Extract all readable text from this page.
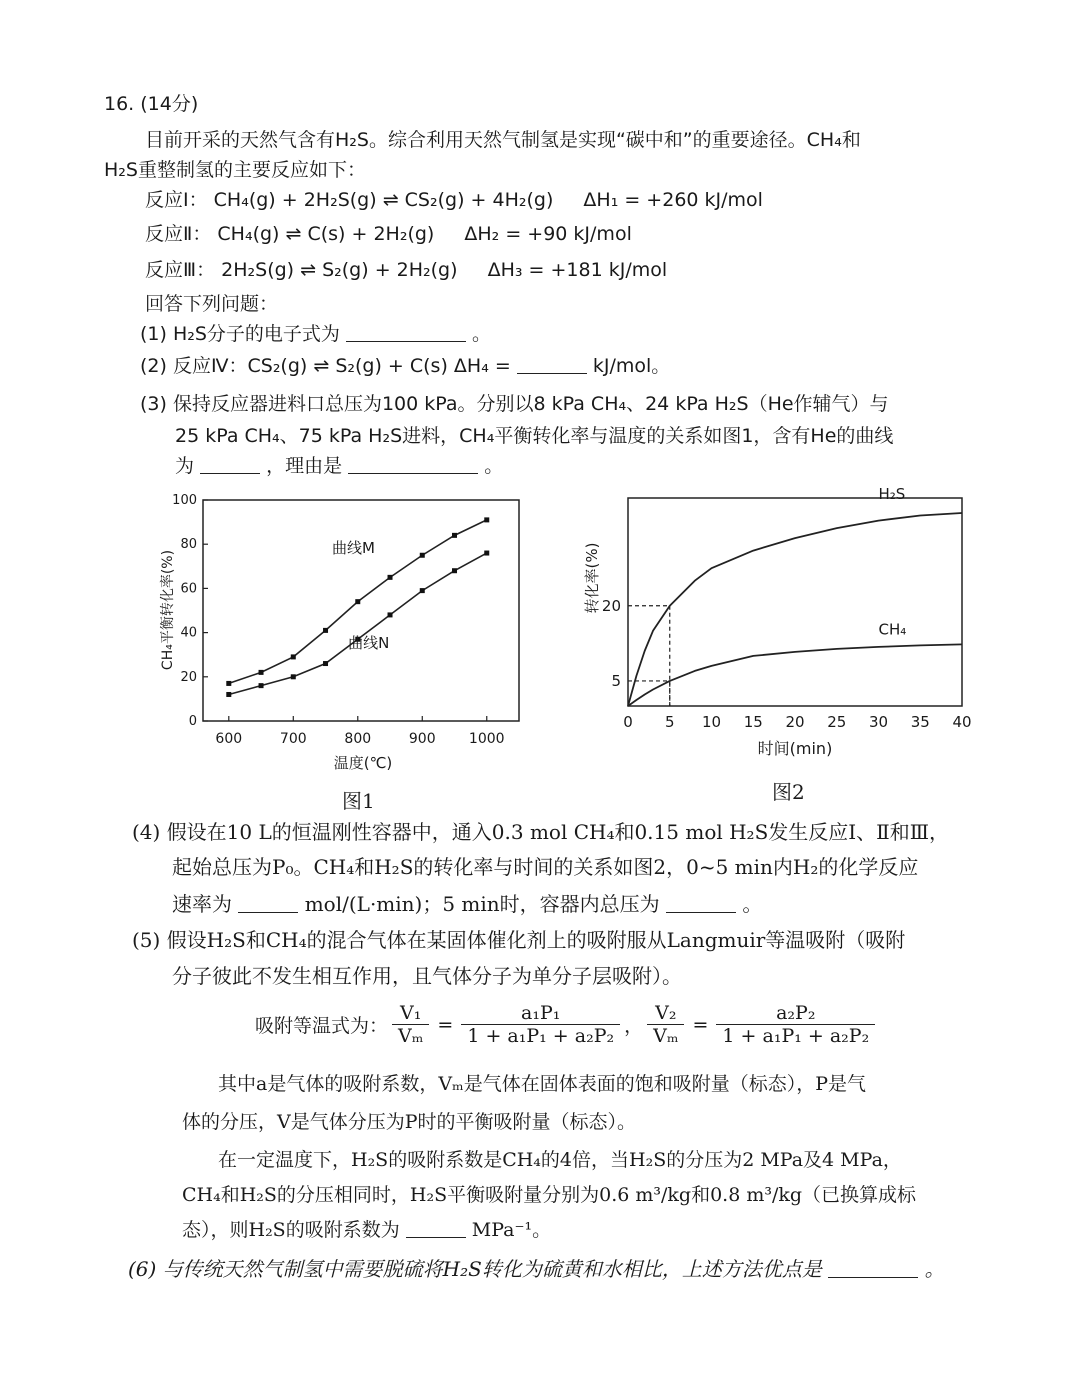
16. (14分)
目前开采的天然气含有H₂S。综合利用天然气制氢是实现“碳中和”的重要途径。CH₄和
H₂S重整制氢的主要反应如下：
反应Ⅰ： CH₄(g) + 2H₂S(g) ⇌ CS₂(g) + 4H₂(g) ΔH₁ = +260 kJ/mol
反应Ⅱ： CH₄(g) ⇌ C(s) + 2H₂(g) ΔH₂ = +90 kJ/mol
反应Ⅲ： 2H₂S(g) ⇌ S₂(g) + 2H₂(g) ΔH₃ = +181 kJ/mol
回答下列问题：
(1) H₂S分子的电子式为	。
(2) 反应Ⅳ：CS₂(g) ⇌ S₂(g) + C(s) ΔH₄ =	kJ/mol。
(3) 保持反应器进料口总压为100 kPa。分别以8 kPa CH₄、24 kPa H₂S（He作辅气）与
25 kPa CH₄、75 kPa H₂S进料，CH₄平衡转化率与温度的关系如图1，含有He的曲线
为	，理由是	。
0
20
40
60
80
100
600	700	800	900 1000
曲线M
曲线N
CH₄平衡转化率(%)
温度(℃)
图1
0 5 10 15 20 25 30 35 40
5
20
H₂S
CH₄
转化率(%)
时间(min)
图2
(4) 假设在10 L的恒温刚性容器中，通入0.3 mol CH₄和0.15 mol H₂S发生反应Ⅰ、Ⅱ和Ⅲ，
起始总压为P₀。CH₄和H₂S的转化率与时间的关系如图2，0~5 min内H₂的化学反应
速率为	mol/(L·min)；5 min时，容器内总压为	。
(5) 假设H₂S和CH₄的混合气体在某固体催化剂上的吸附服从Langmuir等温吸附（吸附
分子彼此不发生相互作用，且气体分子为单分子层吸附）。
吸附等温式为： $\frac{\text{V₁}}{\text{Vₘ}} = \frac{\text{a₁P₁}}{\text{1 + a₁P₁ + a₂P₂}}$ ， $\frac{\text{V₂}}{\text{Vₘ}} = \frac{\text{a₂P₂}}{\text{1 + a₁P₁ + a₂P₂}}$
其中a是气体的吸附系数，Vₘ是气体在固体表面的饱和吸附量（标态），P是气
体的分压，V是气体分压为P时的平衡吸附量（标态）。
在一定温度下，H₂S的吸附系数是CH₄的4倍，当H₂S的分压为2 MPa及4 MPa，
CH₄和H₂S的分压相同时，H₂S平衡吸附量分别为0.6 m³/kg和0.8 m³/kg（已换算成标
态），则H₂S的吸附系数为	MPa⁻¹。
(6) 与传统天然气制氢中需要脱硫将H₂S转化为硫黄和水相比，上述方法优点是	。
